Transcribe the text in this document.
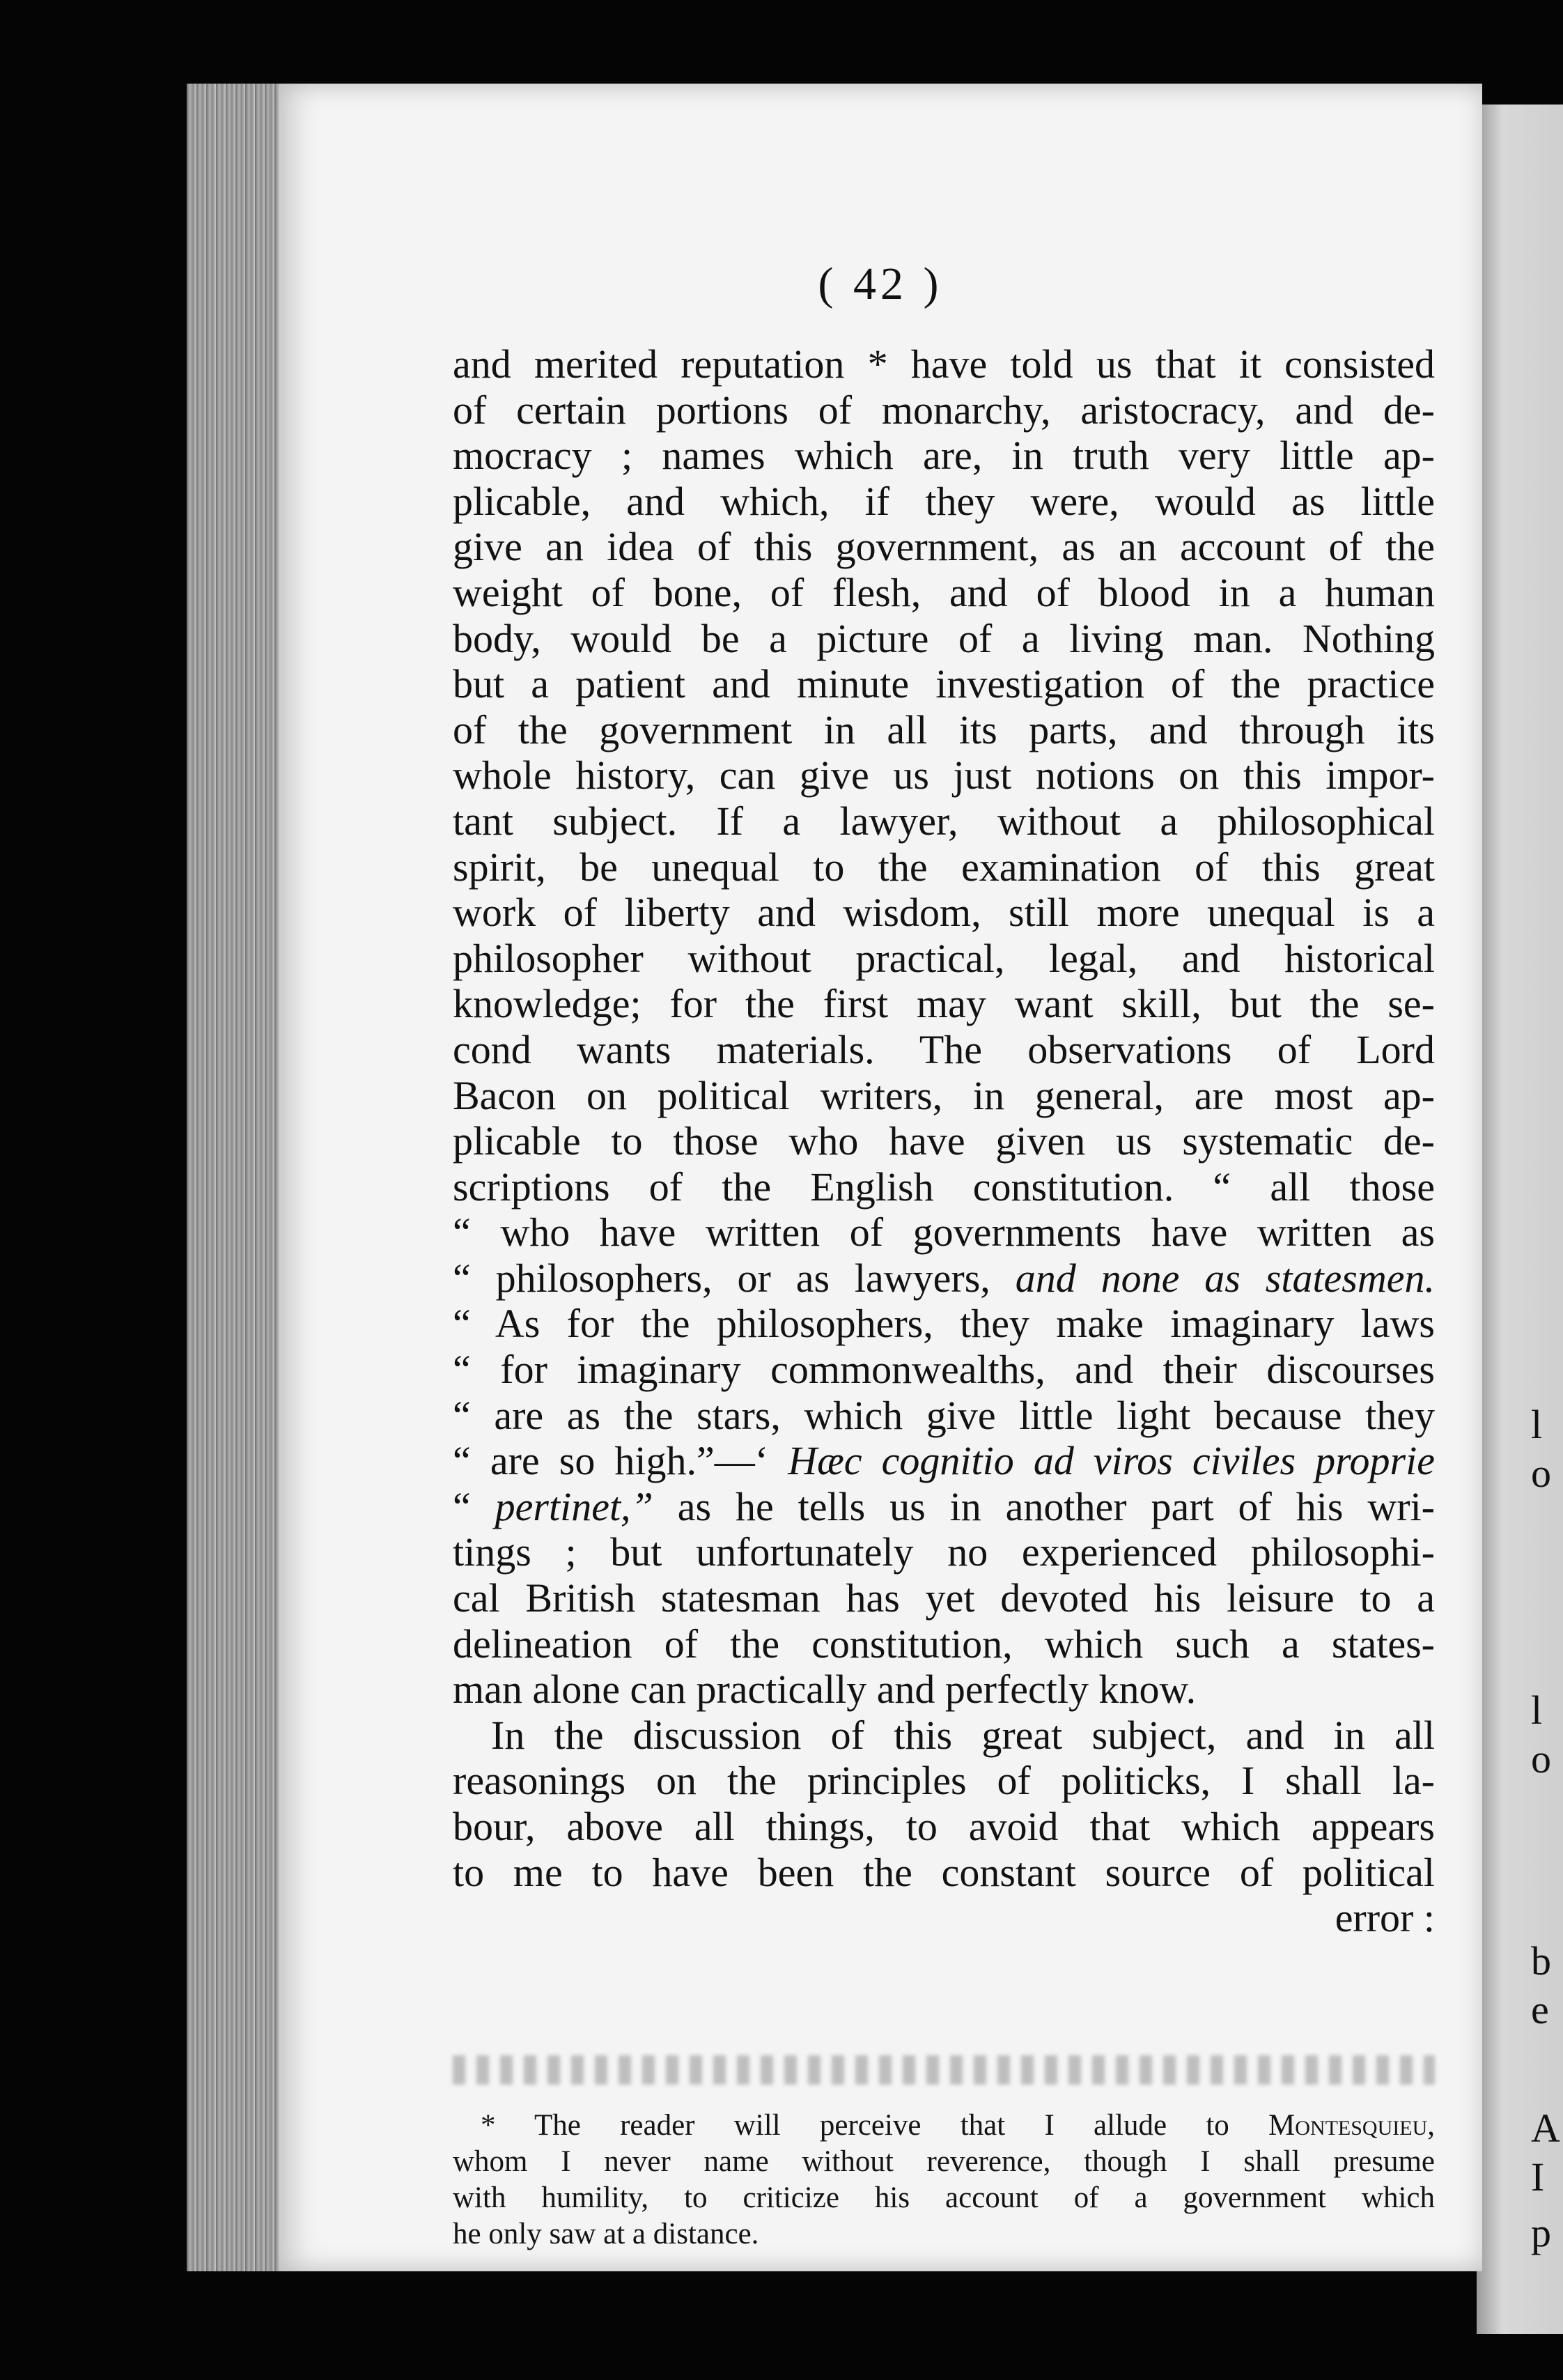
l
o
l
o
b
e
A
I
p
( 42 )
and merited reputation * have told us that it consisted
of certain portions of monarchy, aristocracy, and de-
mocracy ; names which are, in truth very little ap-
plicable, and which, if they were, would as little
give an idea of this government, as an account of the
weight of bone, of flesh, and of blood in a human
body, would be a picture of a living man. Nothing
but a patient and minute investigation of the practice
of the government in all its parts, and through its
whole history, can give us just notions on this impor-
tant subject. If a lawyer, without a philosophical
spirit, be unequal to the examination of this great
work of liberty and wisdom, still more unequal is a
philosopher without practical, legal, and historical
knowledge; for the first may want skill, but the se-
cond wants materials. The observations of Lord
Bacon on political writers, in general, are most ap-
plicable to those who have given us systematic de-
scriptions of the English constitution. “ all those
“ who have written of governments have written as
“ philosophers, or as lawyers, and none as statesmen.
“ As for the philosophers, they make imaginary laws
“ for imaginary commonwealths, and their discourses
“ are as the stars, which give little light because they
“ are so high.”—‘ Hæc cognitio ad viros civiles proprie
“ pertinet,” as he tells us in another part of his wri-
tings ; but unfortunately no experienced philosophi-
cal British statesman has yet devoted his leisure to a
delineation of the constitution, which such a states-
man alone can practically and perfectly know.
In the discussion of this great subject, and in all
reasonings on the principles of politicks, I shall la-
bour, above all things, to avoid that which appears
to me to have been the constant source of political
error :
* The reader will perceive that I allude to Montesquieu,
whom I never name without reverence, though I shall presume
with humility, to criticize his account of a government which
he only saw at a distance.
